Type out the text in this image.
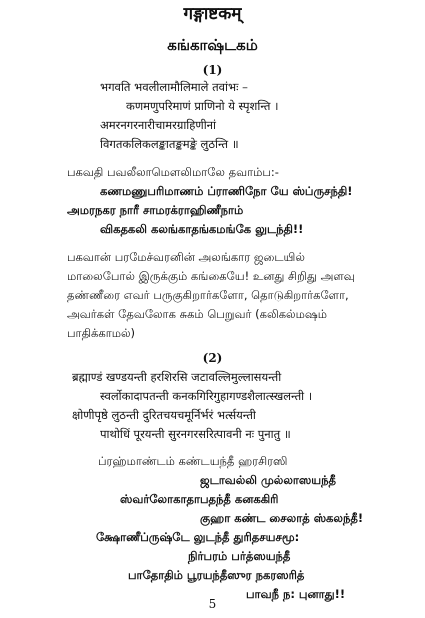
गङ्गाष्टकम्
கங்காஷ்டகம்
(1)
भगवति भवलीलामौलिमाले तवांभः –
कणमणुपरिमाणं प्राणिनो ये स्पृशन्ति ।
अमरनगरनारीचामरग्राहिणीनां
विगतकलिकलङ्कातङ्कमङ्के लुठन्ति ॥
பகவதி பவலீலாமௌலிமாலே தவாம்ப:-
கணமணுபரிமாணம் ப்ராணிநோ யே ஸ்ப்ருசந்தி!
அமரநகர நாரீ சாமரக்ராஹிணீநாம்
விகதகலி கலங்காதங்கமங்கே லுடந்தி!!
பகவான் பரமேச்வரனின் அலங்கார ஜடையில்
மாலைபோல் இருக்கும் கங்கையே! உனது சிறிது அளவு
தண்ணீரை எவர் பருகுகிறார்களோ, தொடுகிறார்களோ,
அவர்கள் தேவலோக சுகம் பெறுவர் (கலிகல்மஷம்
பாதிக்காமல்)
(2)
ब्रह्माण्डं खण्डयन्ती हरशिरसि जटावल्लिमुल्लासयन्ती
स्वर्लोकादापतन्ती कनकगिरिगुहागण्डशैलात्स्खलन्ती ।
क्षोणीपृष्ठे लुठन्ती दुरितचयचमूर्निर्भरं भर्त्सयन्ती
पाथोधिं पूरयन्ती सुरनगरसरित्पावनी नः पुनातु ॥
ப்ரஹ்மாண்டம் கண்டயந்தீ ஹரசிரஸி
ஜடாவல்லி முல்லாஸயந்தீ
ஸ்வர்லோகாதாபதந்தீ கனககிரி
குஹா கண்ட சைலாத் ஸ்கலந்தீ!
க்ஷோணீப்ருஷ்டே லுடந்தீ துரிதசயசமூ:
நிர்பரம் பர்த்ஸயந்தீ
பாதோதிம் பூரயந்தீஸுர நகரஸரித்
பாவநீ ந: புனாது!!
5
